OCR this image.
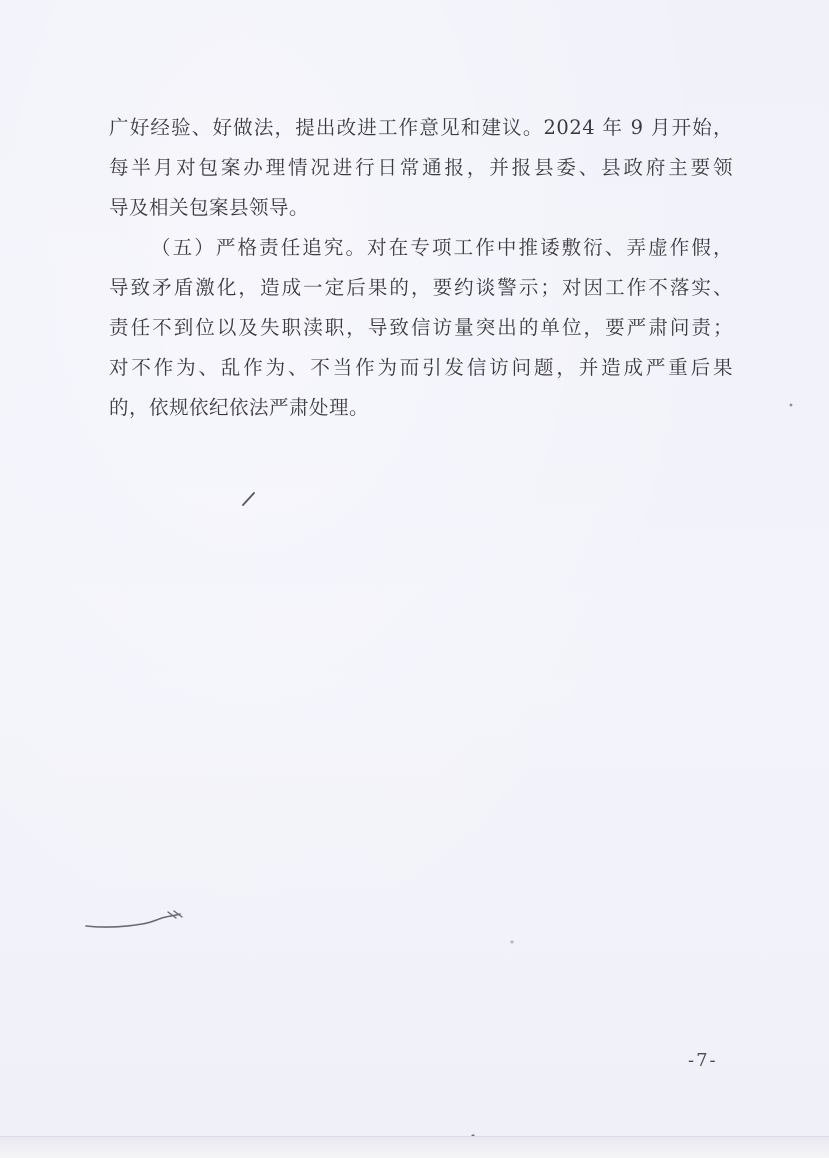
广好经验、好做法，提出改进工作意见和建议。2024 年 9 月开始，
每半月对包案办理情况进行日常通报，并报县委、县政府主要领
导及相关包案县领导。
（五）严格责任追究。对在专项工作中推诿敷衍、弄虚作假，
导致矛盾激化，造成一定后果的，要约谈警示；对因工作不落实、
责任不到位以及失职渎职，导致信访量突出的单位，要严肃问责；
对不作为、乱作为、不当作为而引发信访问题，并造成严重后果
的，依规依纪依法严肃处理。
-7-
